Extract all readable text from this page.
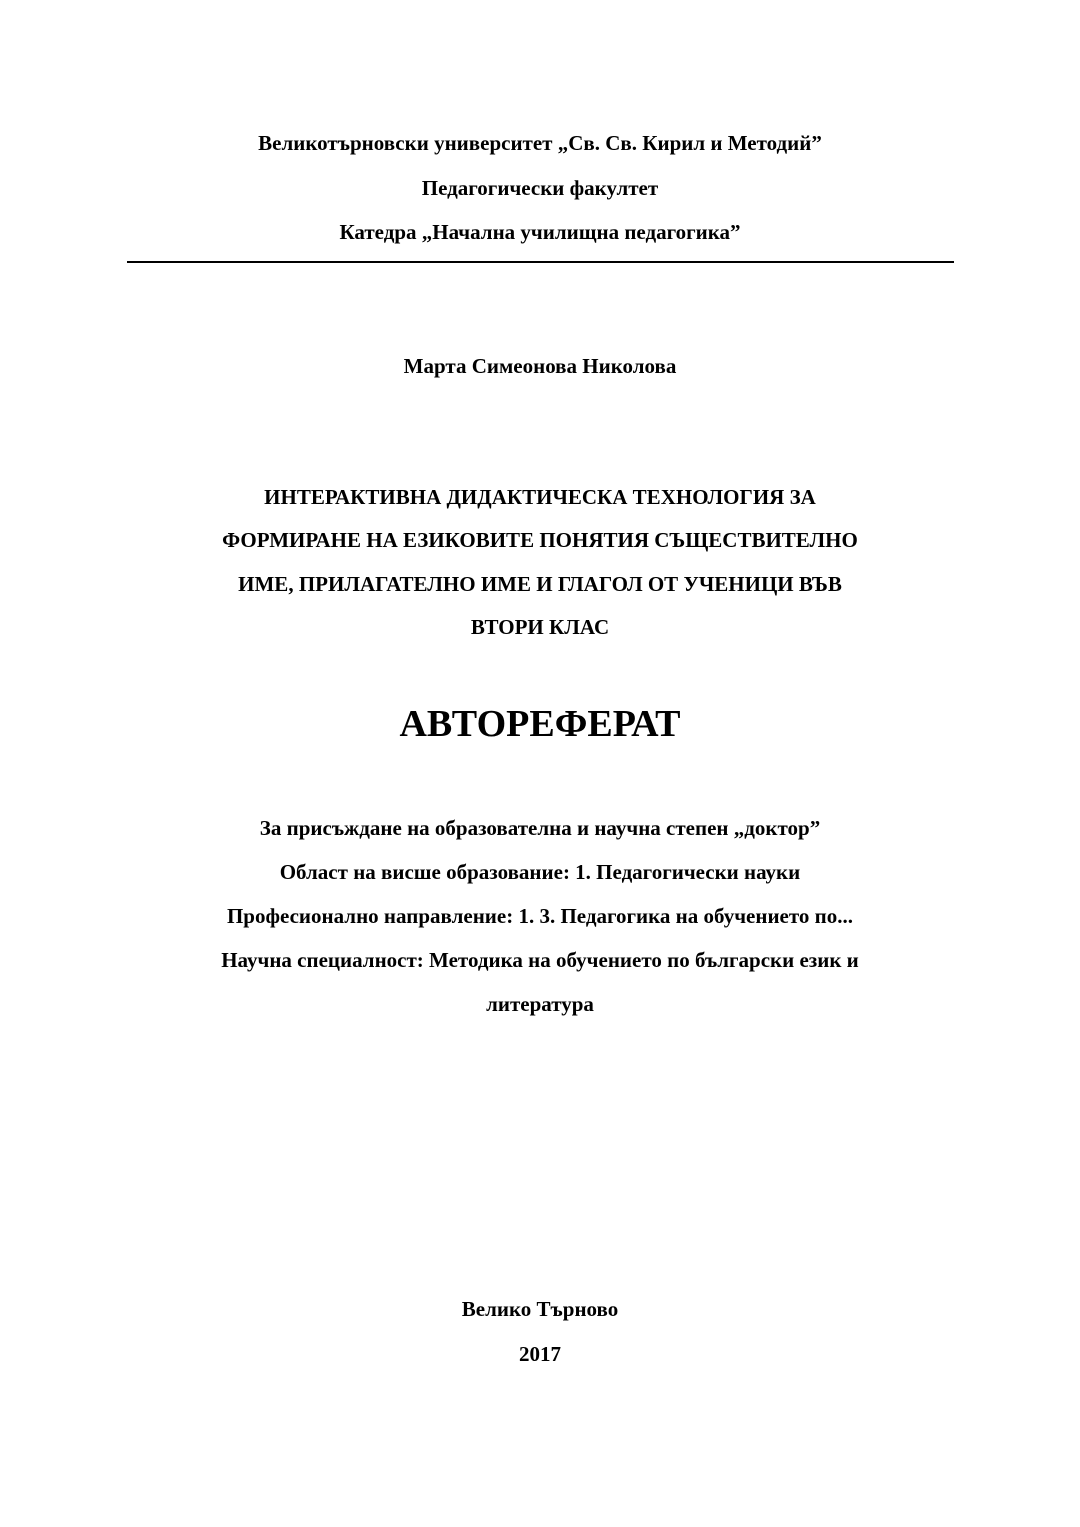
Великотърновски университет „Св. Св. Кирил и Методий”
Педагогически факултет
Катедра „Начална училищна педагогика”
Марта Симеонова Николова
ИНТЕРАКТИВНА ДИДАКТИЧЕСКА ТЕХНОЛОГИЯ ЗА
ФОРМИРАНЕ НА ЕЗИКОВИТЕ ПОНЯТИЯ СЪЩЕСТВИТЕЛНО
ИМЕ, ПРИЛАГАТЕЛНО ИМЕ И ГЛАГОЛ ОТ УЧЕНИЦИ ВЪВ
ВТОРИ КЛАС
АВТОРЕФЕРАТ
За присъждане на образователна и научна степен „доктор”
Област на висше образование: 1. Педагогически науки
Професионално направление: 1. 3. Педагогика на обучението по...
Научна специалност: Методика на обучението по български език и
литература
Велико Търново
2017
